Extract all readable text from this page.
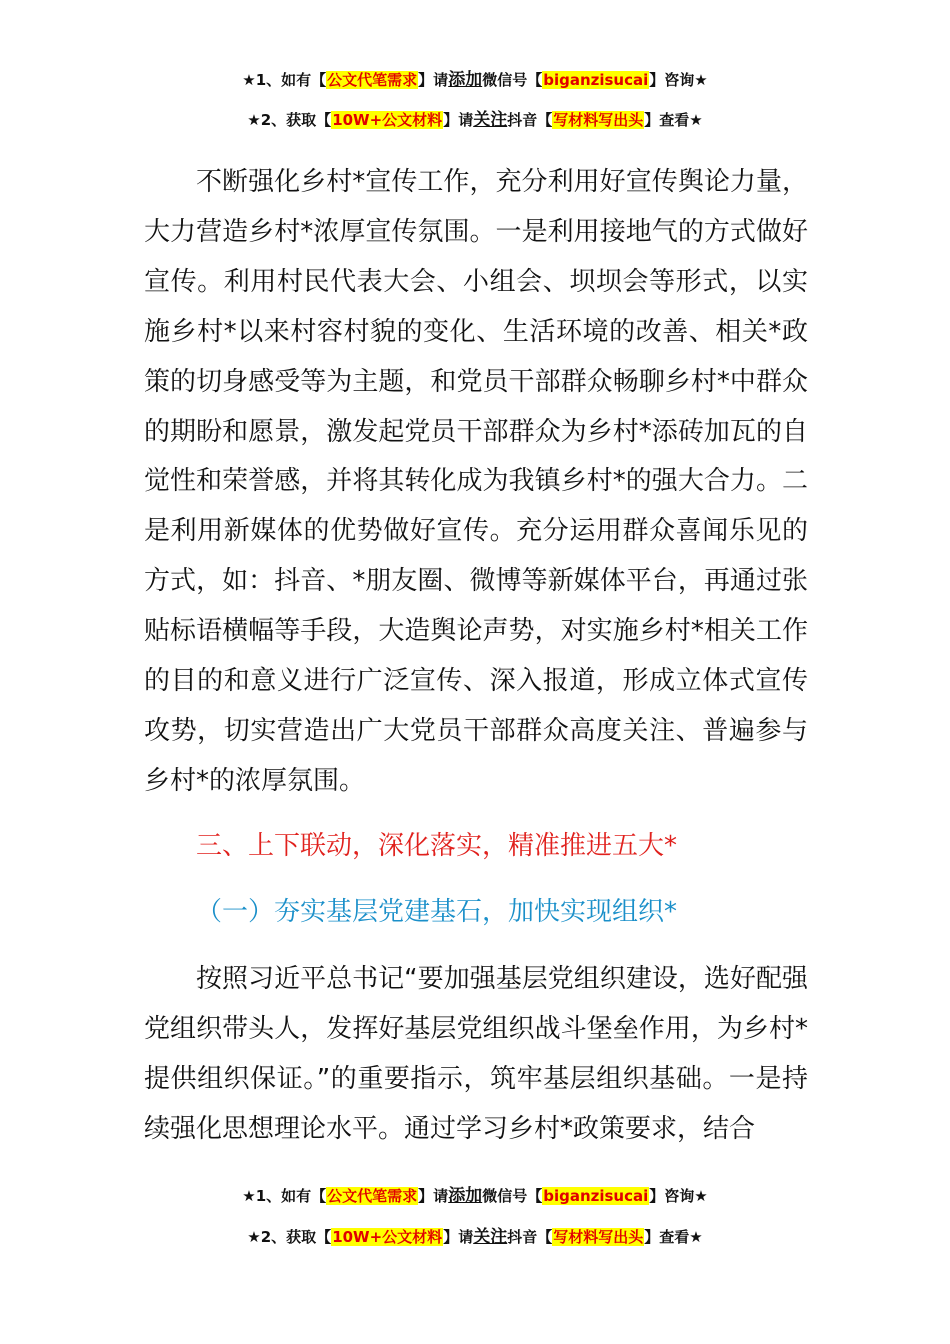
★1、如有【公文代笔需求】请添加微信号【biganzisucai】咨询★
★2、获取【10W+公文材料】请关注抖音【写材料写出头】查看★

不断强化乡村*宣传工作，充分利用好宣传舆论力量，大力营造乡村*浓厚宣传氛围。一是利用接地气的方式做好宣传。利用村民代表大会、小组会、坝坝会等形式，以实施乡村*以来村容村貌的变化、生活环境的改善、相关*政策的切身感受等为主题，和党员干部群众畅聊乡村*中群众的期盼和愿景，激发起党员干部群众为乡村*添砖加瓦的自觉性和荣誉感，并将其转化成为我镇乡村*的强大合力。二是利用新媒体的优势做好宣传。充分运用群众喜闻乐见的方式，如：抖音、*朋友圈、微博等新媒体平台，再通过张贴标语横幅等手段，大造舆论声势，对实施乡村*相关工作的目的和意义进行广泛宣传、深入报道，形成立体式宣传攻势，切实营造出广大党员干部群众高度关注、普遍参与乡村*的浓厚氛围。

三、上下联动，深化落实，精准推进五大*
（一）夯实基层党建基石，加快实现组织*

按照习近平总书记“要加强基层党组织建设，选好配强党组织带头人，发挥好基层党组织战斗堡垒作用，为乡村*提供组织保证。”的重要指示，筑牢基层组织基础。一是持续强化思想理论水平。通过学习乡村*政策要求，结合

★1、如有【公文代笔需求】请添加微信号【biganzisucai】咨询★
★2、获取【10W+公文材料】请关注抖音【写材料写出头】查看★
